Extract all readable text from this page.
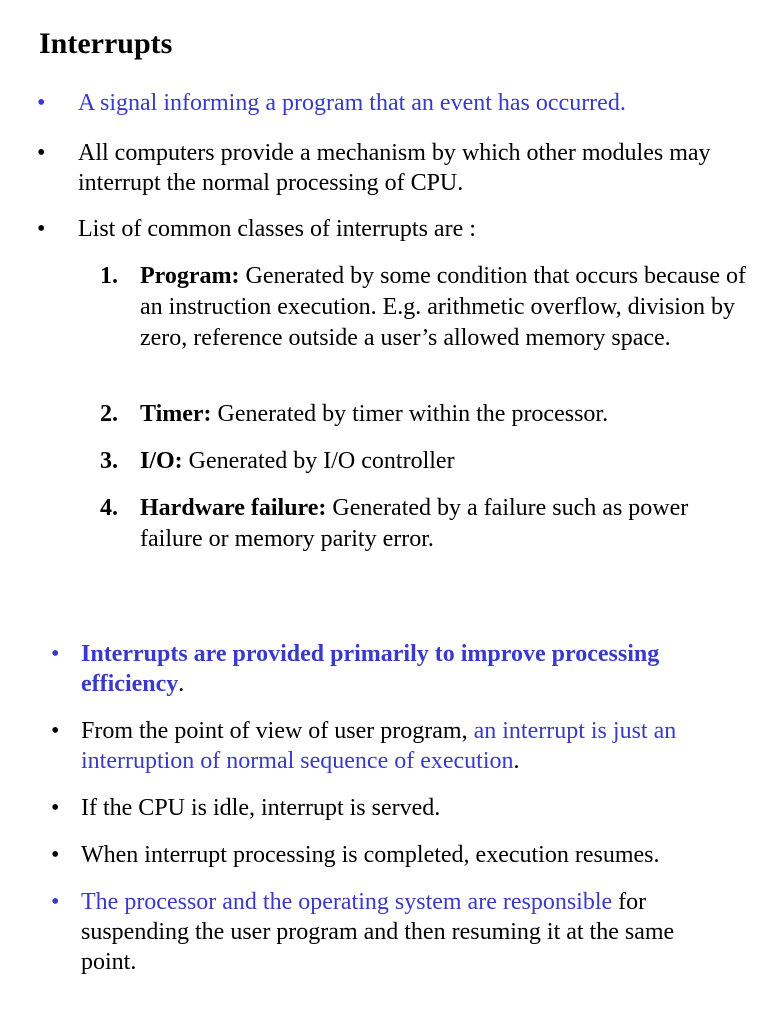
Interrupts
•	A signal informing a program that an event has occurred.
•	All computers provide a mechanism by which other modules may interrupt the normal processing of CPU.
•	List of common classes of interrupts are :
1. Program: Generated by some condition that occurs because of an instruction execution. E.g. arithmetic overflow, division by zero, reference outside a user’s allowed memory space.
2. Timer: Generated by timer within the processor.
3. I/O: Generated by I/O controller
4. Hardware failure: Generated by a failure such as power failure or memory parity error.
• Interrupts are provided primarily to improve processing efficiency.
• From the point of view of user program, an interrupt is just an interruption of normal sequence of execution.
• If the CPU is idle, interrupt is served.
• When interrupt processing is completed, execution resumes.
• The processor and the operating system are responsible for suspending the user program and then resuming it at the same point.
